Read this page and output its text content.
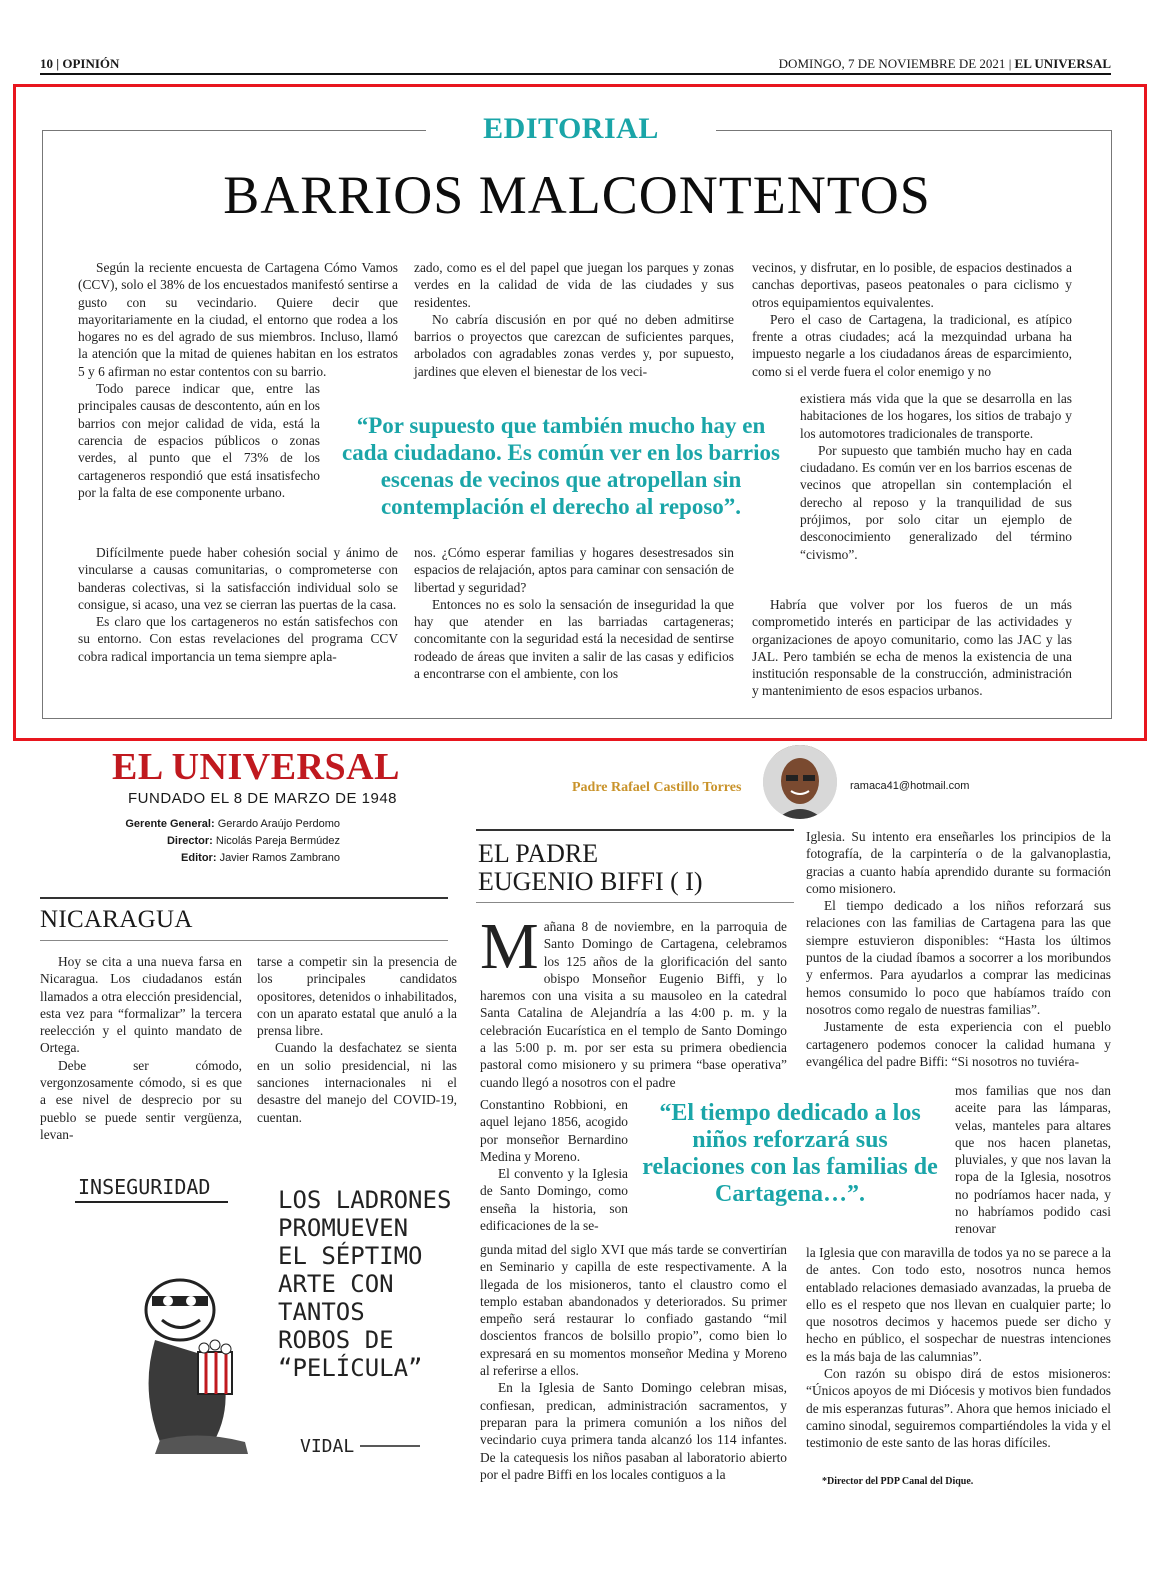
10 | OPINIÓN	DOMINGO, 7 DE NOVIEMBRE DE 2021 | EL UNIVERSAL
EDITORIAL
BARRIOS MALCONTENTOS

Según la reciente encuesta de Cartagena Cómo Vamos (CCV), solo el 38% de los encuestados manifestó sentirse a gusto con su vecindario. Quiere decir que mayoritariamente en la ciudad, el entorno que rodea a los hogares no es del agrado de sus miembros. Incluso, llamó la atención que la mitad de quienes habitan en los estratos 5 y 6 afirman no estar contentos con su barrio.

Todo parece indicar que, entre las principales causas de descontento, aún en los barrios con mejor calidad de vida, está la carencia de espacios públicos o zonas verdes, al punto que el 73% de los cartageneros respondió que está insatisfecho por la falta de ese componente urbano.

Difícilmente puede haber cohesión social y ánimo de vincularse a causas comunitarias, o comprometerse con banderas colectivas, si la satisfacción individual solo se consigue, si acaso, una vez se cierran las puertas de la casa.

Es claro que los cartageneros no están satisfechos con su entorno. Con estas revelaciones del programa CCV cobra radical importancia un tema siempre apla-

zado, como es el del papel que juegan los parques y zonas verdes en la calidad de vida de las ciudades y sus residentes.

No cabría discusión en por qué no deben admitirse barrios o proyectos que carezcan de suficientes parques, arbolados con agradables zonas verdes y, por supuesto, jardines que eleven el bienestar de los veci-

nos. ¿Cómo esperar familias y hogares desestresados sin espacios de relajación, aptos para caminar con sensación de libertad y seguridad?

Entonces no es solo la sensación de inseguridad la que hay que atender en las barriadas cartageneras; concomitante con la seguridad está la necesidad de sentirse rodeado de áreas que inviten a salir de las casas y edificios a encontrarse con el ambiente, con los

vecinos, y disfrutar, en lo posible, de espacios destinados a canchas deportivas, paseos peatonales o para ciclismo y otros equipamientos equivalentes.

Pero el caso de Cartagena, la tradicional, es atípico frente a otras ciudades; acá la mezquindad urbana ha impuesto negarle a los ciudadanos áreas de esparcimiento, como si el verde fuera el color enemigo y no

existiera más vida que la que se desarrolla en las habitaciones de los hogares, los sitios de trabajo y los automotores tradicionales de transporte.

Por supuesto que también mucho hay en cada ciudadano. Es común ver en los barrios escenas de vecinos que atropellan sin contemplación el derecho al reposo y la tranquilidad de sus prójimos, por solo citar un ejemplo de desconocimiento generalizado del término “civismo”.

Habría que volver por los fueros de un más comprometido interés en participar de las actividades y organizaciones de apoyo comunitario, como las JAC y las JAL. Pero también se echa de menos la existencia de una institución responsable de la construcción, administración y mantenimiento de esos espacios urbanos.

“Por supuesto que también mucho hay en cada ciudadano. Es común ver en los barrios escenas de vecinos que atropellan sin contemplación el derecho al reposo”.
EL UNIVERSAL
FUNDADO EL 8 DE MARZO DE 1948
Gerente General: Gerardo Araújo Perdomo
Director: Nicolás Pareja Bermúdez
Editor: Javier Ramos Zambrano
NICARAGUA

Hoy se cita a una nueva farsa en Nicaragua. Los ciudadanos están llamados a otra elección presidencial, esta vez para “formalizar” la tercera reelección y el quinto mandato de Ortega.

Debe ser cómodo, vergonzosamente cómodo, si es que a ese nivel de desprecio por su pueblo se puede sentir vergüenza, levan-

tarse a competir sin la presencia de los principales candidatos opositores, detenidos o inhabilitados, con un aparato estatal que anuló a la prensa libre.

Cuando la desfachatez se sienta en un solio presidencial, ni las sanciones internacionales ni el desastre del manejo del COVID-19, cuentan.

INSEGURIDAD	LOS LADRONES
PROMUEVEN
EL SÉPTIMO
ARTE CON
TANTOS
ROBOS DE
“PELÍCULA”
VIDAL
Padre Rafael Castillo Torres	ramaca41@hotmail.com
EL PADRE
EUGENIO BIFFI ( I)

Mañana 8 de noviembre, en la parroquia de Santo Domingo de Cartagena, celebramos los 125 años de la glorificación del santo obispo Monseñor Eugenio Biffi, y lo haremos con una visita a su mausoleo en la catedral Santa Catalina de Alejandría a las 4:00 p. m. y la celebración Eucarística en el templo de Santo Domingo a las 5:00 p. m. por ser esta su primera obediencia pastoral como misionero y su primera “base operativa” cuando llegó a nosotros con el padre

Constantino Robbioni, en aquel lejano 1856, acogido por monseñor Bernardino Medina y Moreno.

El convento y la Iglesia de Santo Domingo, como enseña la historia, son edificaciones de la se-

gunda mitad del siglo XVI que más tarde se convertirían en Seminario y capilla de este respectivamente. A la llegada de los misioneros, tanto el claustro como el templo estaban abandonados y deteriorados. Su primer empeño será restaurar lo confiado gastando “mil doscientos francos de bolsillo propio”, como bien lo expresará en su momentos monseñor Medina y Moreno al referirse a ellos.

En la Iglesia de Santo Domingo celebran misas, confiesan, predican, administración sacramentos, y preparan para la primera comunión a los niños del vecindario cuya primera tanda alcanzó los 114 infantes. De la catequesis los niños pasaban al laboratorio abierto por el padre Biffi en los locales contiguos a la

Iglesia. Su intento era enseñarles los principios de la fotografía, de la carpintería o de la galvanoplastia, gracias a cuanto había aprendido durante su formación como misionero.

El tiempo dedicado a los niños reforzará sus relaciones con las familias de Cartagena para las que siempre estuvieron disponibles: “Hasta los últimos puntos de la ciudad íbamos a socorrer a los moribundos y enfermos. Para ayudarlos a comprar las medicinas hemos consumido lo poco que habíamos traído con nosotros como regalo de nuestras familias”.

Justamente de esta experiencia con el pueblo cartagenero podemos conocer la calidad humana y evangélica del padre Biffi: “Si nosotros no tuviéra-

mos familias que nos dan aceite para las lámparas, velas, manteles para altares que nos hacen planetas, pluviales, y que nos lavan la ropa de la Iglesia, nosotros no podríamos hacer nada, y no habríamos podido casi renovar

la Iglesia que con maravilla de todos ya no se parece a la de antes. Con todo esto, nosotros nunca hemos entablado relaciones demasiado avanzadas, la prueba de ello es el respeto que nos llevan en cualquier parte; lo que nosotros decimos y hacemos puede ser dicho y hecho en público, el sospechar de nuestras intenciones es la más baja de las calumnias”.

Con razón su obispo dirá de estos misioneros: “Únicos apoyos de mi Diócesis y motivos bien fundados de mis esperanzas futuras”. Ahora que hemos iniciado el camino sinodal, seguiremos compartiéndoles la vida y el testimonio de este santo de las horas difíciles.

“El tiempo dedicado a los niños reforzará sus relaciones con las familias de Cartagena…”.
*Director del PDP Canal del Dique.
